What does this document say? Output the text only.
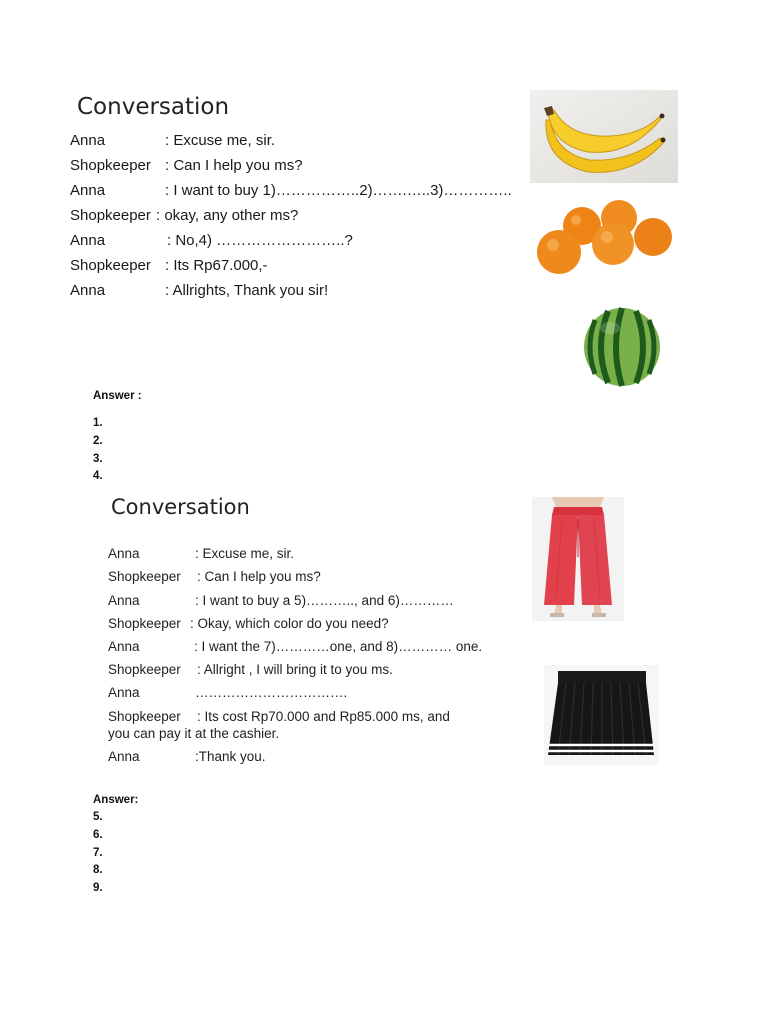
Conversation
Anna	: Excuse me, sir.
Shopkeeper : Can I help you ms?
Anna	: I want to buy 1)……………..2)…….…..3)…………..
Shopkeeper : okay, any other ms?
Anna	: No,4) ……………………..?
Shopkeeper : Its Rp67.000,-
Anna	: Allrights, Thank you sir!
Answer :
1.
2.
3.
4.
Conversation
Anna	: Excuse me, sir.
Shopkeeper : Can I help you ms?
Anna	: I want to buy a 5)……….., and 6)…………
Shopkeeper : Okay, which color do you need?
Anna	: I want the 7)…………one, and 8)………… one.
Shopkeeper : Allright , I will bring it to you ms.
Anna	…………………………….
Shopkeeper : Its cost Rp70.000 and Rp85.000 ms, and
you can pay it at the cashier.
Anna	:Thank you.
Answer:
5.
6.
7.
8.
9.
